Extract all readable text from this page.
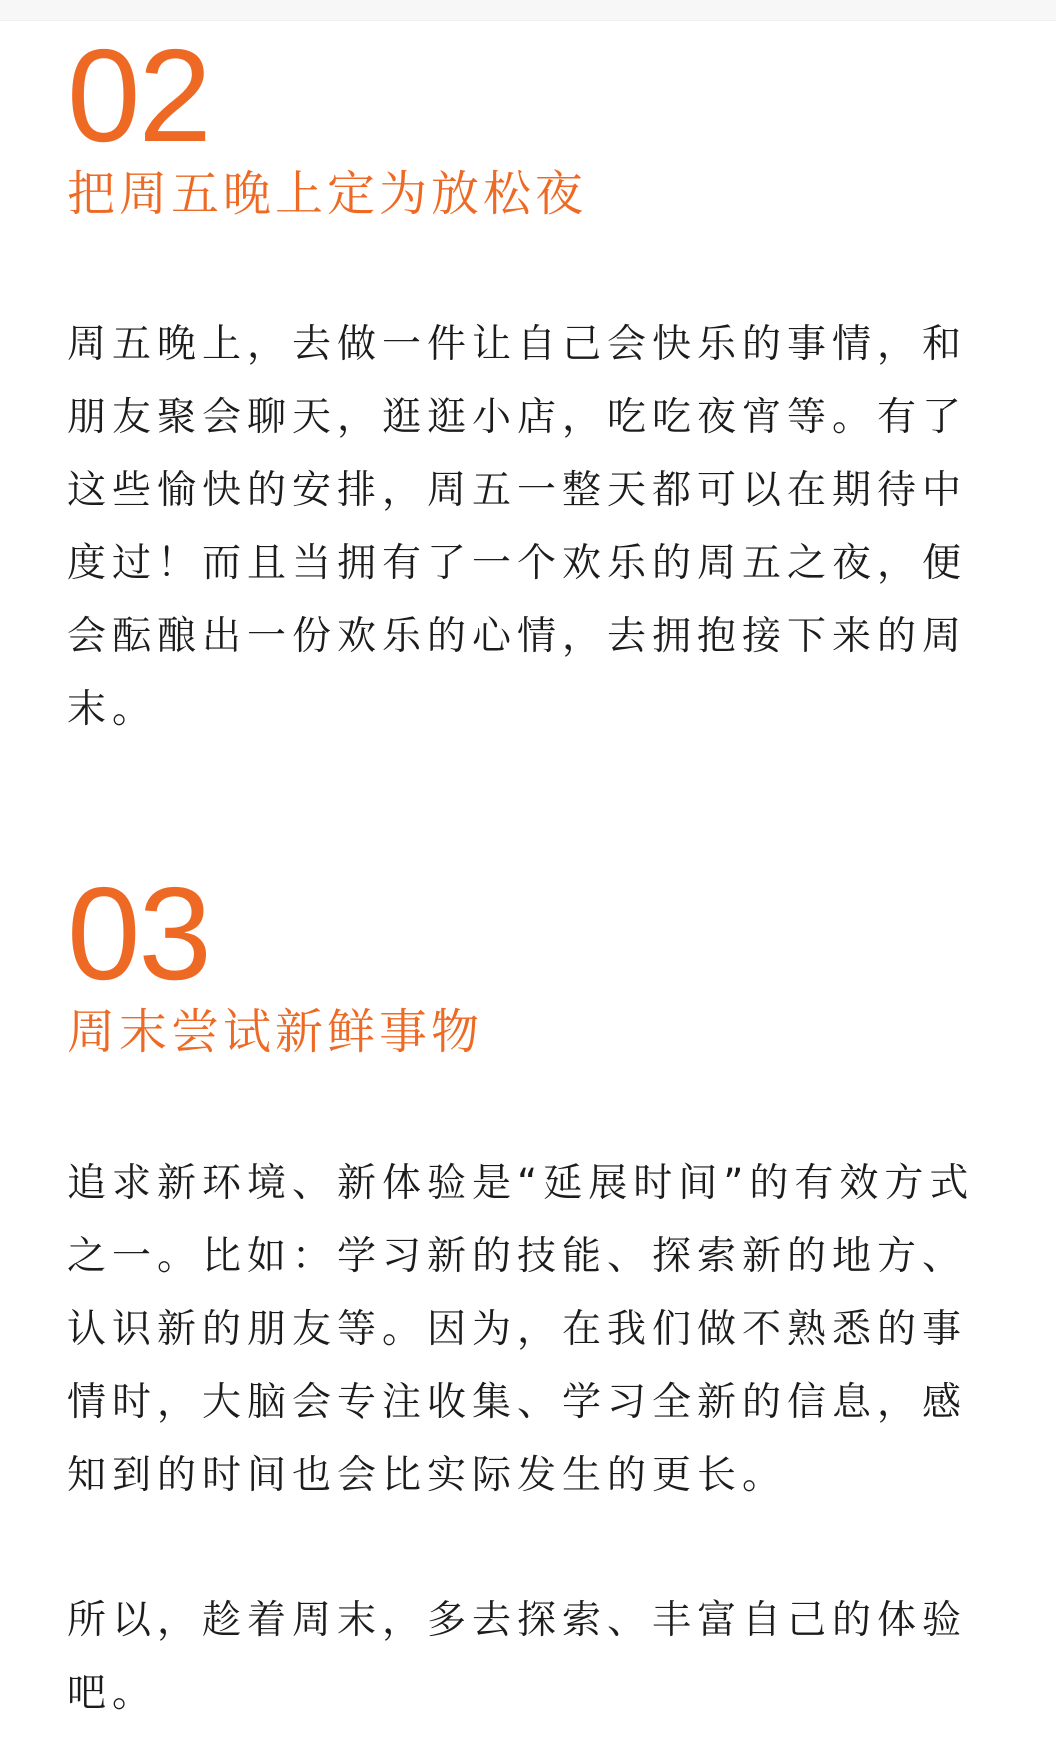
02
把周五晚上定为放松夜
周五晚上，去做一件让自己会快乐的事情，和
朋友聚会聊天，逛逛小店，吃吃夜宵等。有了
这些愉快的安排，周五一整天都可以在期待中
度过！而且当拥有了一个欢乐的周五之夜，便
会酝酿出一份欢乐的心情，去拥抱接下来的周
末。
03
周末尝试新鲜事物
追求新环境、新体验是“延展时间”的有效方式
之一。比如：学习新的技能、探索新的地方、
认识新的朋友等。因为，在我们做不熟悉的事
情时，大脑会专注收集、学习全新的信息，感
知到的时间也会比实际发生的更长。
所以，趁着周末，多去探索、丰富自己的体验
吧。
